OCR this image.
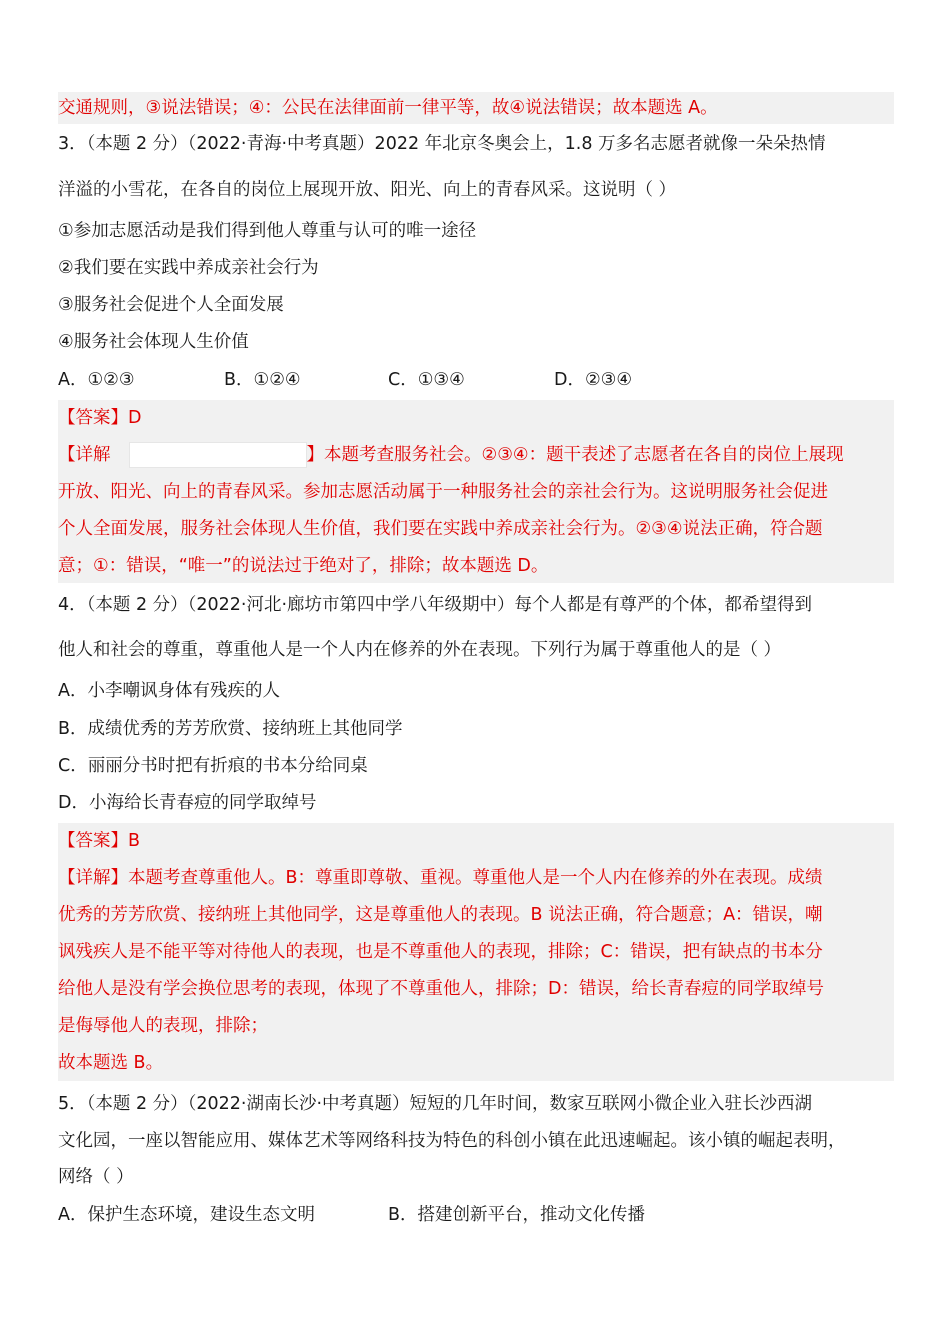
交通规则，③说法错误；④：公民在法律面前一律平等，故④说法错误；故本题选 A。
3．（本题 2 分）（2022·青海·中考真题）2022 年北京冬奥会上，1.8 万多名志愿者就像一朵朵热情
洋溢的小雪花，在各自的岗位上展现开放、阳光、向上的青春风采。这说明（ ）
①参加志愿活动是我们得到他人尊重与认可的唯一途径
②我们要在实践中养成亲社会行为
③服务社会促进个人全面发展
④服务社会体现人生价值
A．①②③	B．①②④	C．①③④	D．②③④
【答案】D
【详解	】本题考查服务社会。②③④：题干表述了志愿者在各自的岗位上展现
开放、阳光、向上的青春风采。参加志愿活动属于一种服务社会的亲社会行为。这说明服务社会促进
个人全面发展，服务社会体现人生价值，我们要在实践中养成亲社会行为。②③④说法正确，符合题
意；①：错误，“唯一”的说法过于绝对了，排除；故本题选 D。
4．（本题 2 分）（2022·河北·廊坊市第四中学八年级期中）每个人都是有尊严的个体，都希望得到
他人和社会的尊重，尊重他人是一个人内在修养的外在表现。下列行为属于尊重他人的是（ ）
A．小李嘲讽身体有残疾的人
B．成绩优秀的芳芳欣赏、接纳班上其他同学
C．丽丽分书时把有折痕的书本分给同桌
D．小海给长青春痘的同学取绰号
【答案】B
【详解】本题考查尊重他人。B：尊重即尊敬、重视。尊重他人是一个人内在修养的外在表现。成绩
优秀的芳芳欣赏、接纳班上其他同学，这是尊重他人的表现。B 说法正确，符合题意；A：错误，嘲
讽残疾人是不能平等对待他人的表现，也是不尊重他人的表现，排除；C：错误，把有缺点的书本分
给他人是没有学会换位思考的表现，体现了不尊重他人，排除；D：错误，给长青春痘的同学取绰号
是侮辱他人的表现，排除；
故本题选 B。
5．（本题 2 分）（2022·湖南长沙·中考真题）短短的几年时间，数家互联网小微企业入驻长沙西湖
文化园，一座以智能应用、媒体艺术等网络科技为特色的科创小镇在此迅速崛起。该小镇的崛起表明，
网络（ ）
A．保护生态环境，建设生态文明	B．搭建创新平台，推动文化传播
